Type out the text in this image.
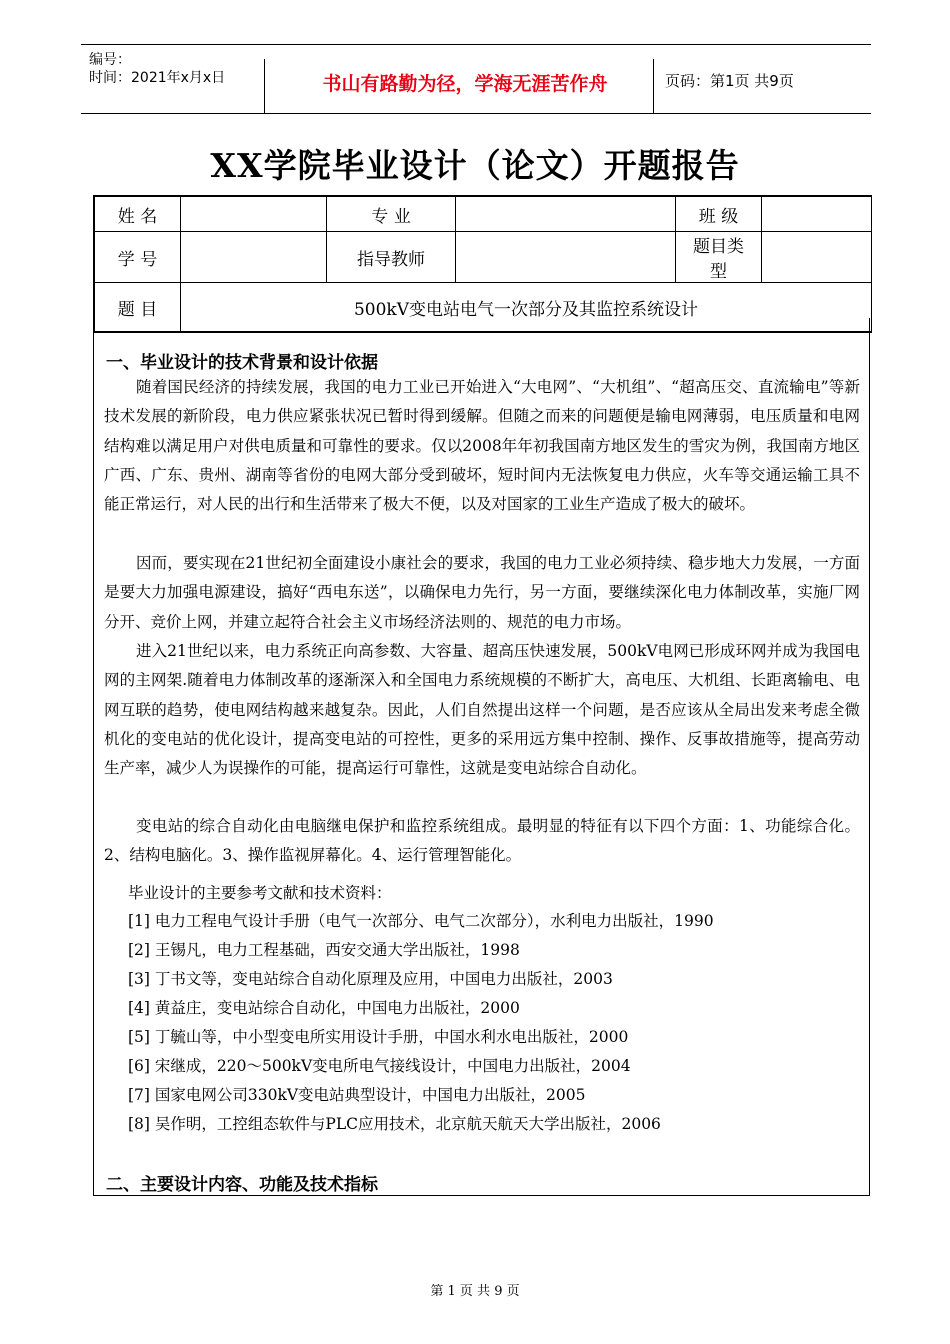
编号：
时间：2021年x月x日	书山有路勤为径，学海无涯苦作舟	页码：第1页 共9页
XX学院毕业设计（论文）开题报告
姓 名		专 业		班 级	
学 号		指导教师		题目类型	
题 目	500kV变电站电气一次部分及其监控系统设计				
一、毕业设计的技术背景和设计依据

随着国民经济的持续发展，我国的电力工业已开始进入“大电网”、“大机组”、“超高压交、直流输电”等新技术发展的新阶段，电力供应紧张状况已暂时得到缓解。但随之而来的问题便是输电网薄弱，电压质量和电网结构难以满足用户对供电质量和可靠性的要求。仅以2008年年初我国南方地区发生的雪灾为例，我国南方地区广西、广东、贵州、湖南等省份的电网大部分受到破坏，短时间内无法恢复电力供应，火车等交通运输工具不能正常运行，对人民的出行和生活带来了极大不便，以及对国家的工业生产造成了极大的破坏。

因而，要实现在21世纪初全面建设小康社会的要求，我国的电力工业必须持续、稳步地大力发展，一方面是要大力加强电源建设，搞好“西电东送”，以确保电力先行，另一方面，要继续深化电力体制改革，实施厂网分开、竞价上网，并建立起符合社会主义市场经济法则的、规范的电力市场。

进入21世纪以来，电力系统正向高参数、大容量、超高压快速发展，500kV电网已形成环网并成为我国电网的主网架.随着电力体制改革的逐渐深入和全国电力系统规模的不断扩大，高电压、大机组、长距离输电、电网互联的趋势，使电网结构越来越复杂。因此，人们自然提出这样一个问题，是否应该从全局出发来考虑全微机化的变电站的优化设计，提高变电站的可控性，更多的采用远方集中控制、操作、反事故措施等，提高劳动生产率，减少人为误操作的可能，提高运行可靠性，这就是变电站综合自动化。

变电站的综合自动化由电脑继电保护和监控系统组成。最明显的特征有以下四个方面：1、功能综合化。2、结构电脑化。3、操作监视屏幕化。4、运行管理智能化。

毕业设计的主要参考文献和技术资料：
[1] 电力工程电气设计手册（电气一次部分、电气二次部分），水利电力出版社，1990
[2] 王锡凡，电力工程基础，西安交通大学出版社，1998
[3] 丁书文等，变电站综合自动化原理及应用，中国电力出版社，2003
[4] 黄益庄，变电站综合自动化，中国电力出版社，2000
[5] 丁毓山等，中小型变电所实用设计手册，中国水利水电出版社，2000
[6] 宋继成，220～500kV变电所电气接线设计，中国电力出版社，2004
[7] 国家电网公司330kV变电站典型设计，中国电力出版社，2005
[8] 吴作明，工控组态软件与PLC应用技术，北京航天航天大学出版社，2006
二、主要设计内容、功能及技术指标
第 1 页 共 9 页
